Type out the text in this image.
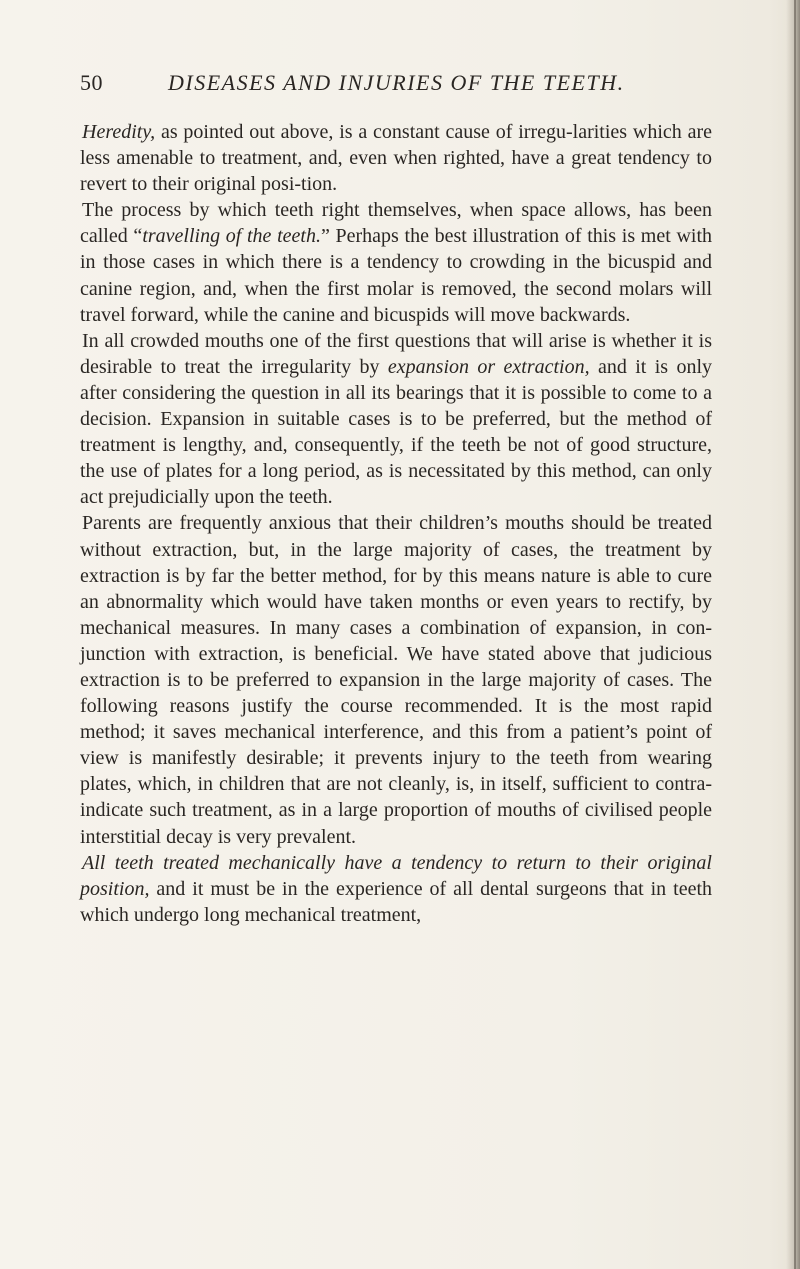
50	DISEASES AND INJURIES OF THE TEETH.

Heredity, as pointed out above, is a constant cause of irregu-larities which are less amenable to treatment, and, even when righted, have a great tendency to revert to their original posi-tion.

The process by which teeth right themselves, when space allows, has been called “travelling of the teeth.” Perhaps the best illustration of this is met with in those cases in which there is a tendency to crowding in the bicuspid and canine region, and, when the first molar is removed, the second molars will travel forward, while the canine and bicuspids will move backwards.

In all crowded mouths one of the first questions that will arise is whether it is desirable to treat the irregularity by expansion or extraction, and it is only after considering the question in all its bearings that it is possible to come to a decision. Expansion in suitable cases is to be preferred, but the method of treatment is lengthy, and, consequently, if the teeth be not of good structure, the use of plates for a long period, as is necessitated by this method, can only act prejudicially upon the teeth.

Parents are frequently anxious that their children’s mouths should be treated without extraction, but, in the large majority of cases, the treatment by extraction is by far the better method, for by this means nature is able to cure an abnormality which would have taken months or even years to rectify, by mechanical measures. In many cases a combination of expansion, in con-junction with extraction, is beneficial. We have stated above that judicious extraction is to be preferred to expansion in the large majority of cases. The following reasons justify the course recommended. It is the most rapid method; it saves mechanical interference, and this from a patient’s point of view is manifestly desirable; it prevents injury to the teeth from wearing plates, which, in children that are not cleanly, is, in itself, sufficient to contra-indicate such treatment, as in a large proportion of mouths of civilised people interstitial decay is very prevalent.

All teeth treated mechanically have a tendency to return to their original position, and it must be in the experience of all dental surgeons that in teeth which undergo long mechanical treatment,
